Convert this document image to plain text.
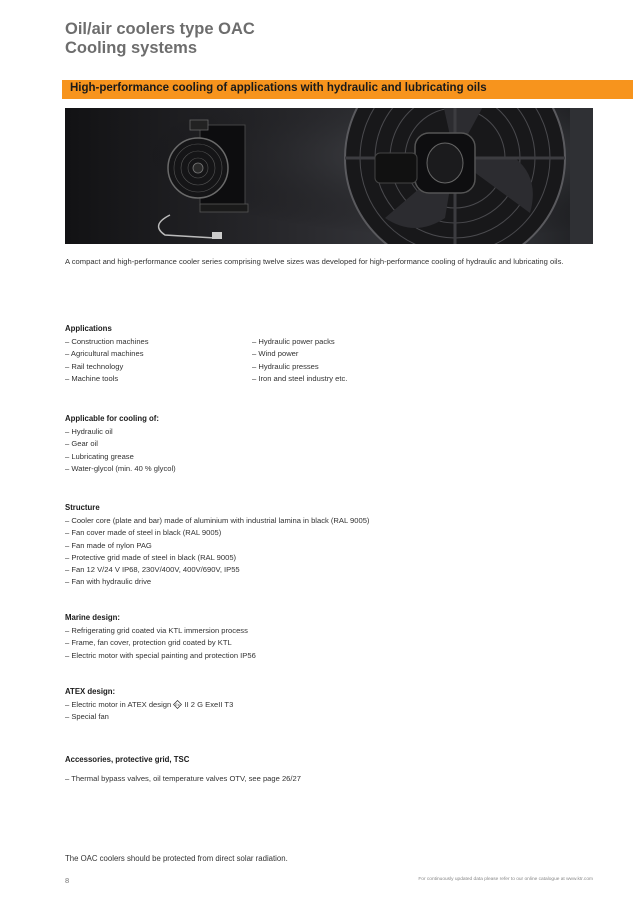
Oil/air coolers type OAC
Cooling systems
High-performance cooling of applications with hydraulic and lubricating oils
A compact and high-performance cooler series comprising twelve sizes was developed for high-performance cooling of hydraulic and lubricating oils.
Applications
– Construction machines
– Agricultural machines
– Rail technology
– Machine tools
– Hydraulic power packs
– Wind power
– Hydraulic presses
– Iron and steel industry etc.
Applicable for cooling of:
– Hydraulic oil
– Gear oil
– Lubricating grease
– Water-glycol (min. 40 % glycol)
Structure
– Cooler core (plate and bar) made of aluminium with industrial lamina in black (RAL 9005)
– Fan cover made of steel in black (RAL 9005)
– Fan made of nylon PAG
– Protective grid made of steel in black (RAL 9005)
– Fan 12 V/24 V IP68, 230V/400V, 400V/690V, IP55
– Fan with hydraulic drive
Marine design:
– Refrigerating grid coated via KTL immersion process
– Frame, fan cover, protection grid coated by KTL
– Electric motor with special painting and protection IP56
ATEX design:
– Electric motor in ATEX design Ex II 2 G ExeII T3
– Special fan
Accessories, protective grid, TSC
– Thermal bypass valves, oil temperature valves OTV, see page 26/27
The OAC coolers should be protected from direct solar radiation.
8	For continuously updated data please refer to our online catalogue at www.ktr.com
